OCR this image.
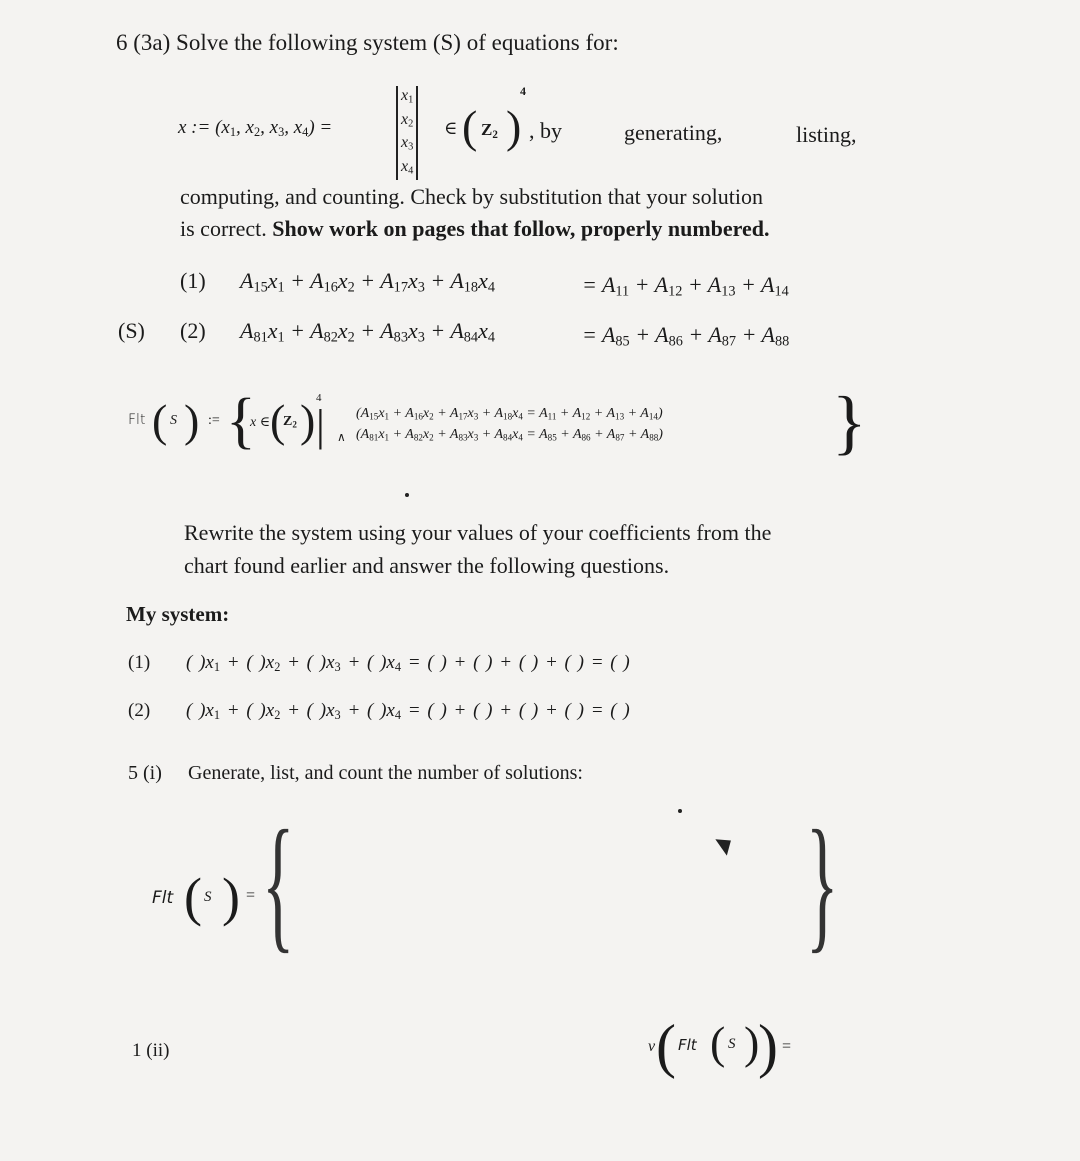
6 (3a) Solve the following system (S) of equations for:
x := ($x_1$, $x_2$, $x_3$, $x_4$) =
$x_1$
$x_2$
$x_3$
$x_4$
∈ ( $Z_2$ )
4
, by	generating,	listing,
computing, and counting. Check by substitution that your solution
is correct. Show work on pages that follow, properly numbered.
(1) $A_{15}x_1 + A_{16}x_2 + A_{17}x_3 + A_{18}x_4$	= $A_{11} + A_{12} + A_{13} + A_{14}$
(S) (2) $A_{81}x_1 + A_{82}x_2 + A_{83}x_3 + A_{84}x_4$	= $A_{85} + A_{86} + A_{87} + A_{88}$
Flt ( S ) := {
x ∈ (
$Z_2$ ) 4
| ∧
$(A_{15}x_1 + A_{16}x_2 + A_{17}x_3 + A_{18}x_4 = A_{11} + A_{12} + A_{13} + A_{14})$
$(A_{81}x_1 + A_{82}x_2 + A_{83}x_3 + A_{84}x_4 = A_{85} + A_{86} + A_{87} + A_{88})$ }
Rewrite the system using your values of your coefficients from the
chart found earlier and answer the following questions.
My system:
(1) ( )$x_1$ + ( )$x_2$ + ( )$x_3$ + ( )$x_4$ = ( ) + ( ) + ( ) + ( ) = ( )
(2) ( )$x_1$ + ( )$x_2$ + ( )$x_3$ + ( )$x_4$ = ( ) + ( ) + ( ) + ( ) = ( )
5 (i) Generate, list, and count the number of solutions:
Flt ( S ) = {	}
1 (ii)	v ( Flt ( S )
) =
